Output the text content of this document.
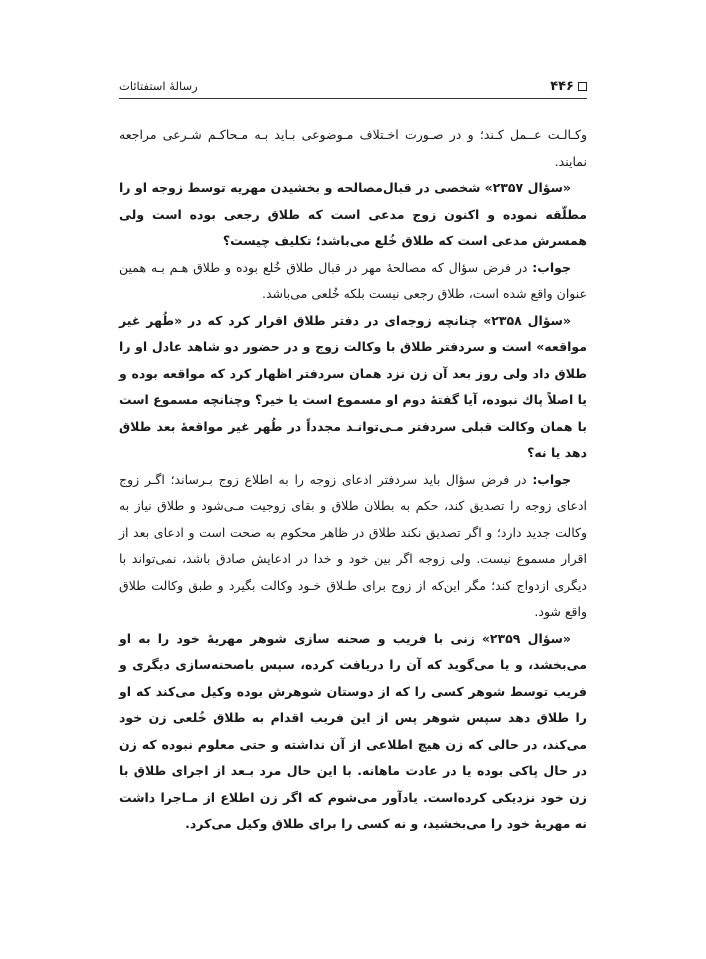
۴۴۶
رسالهٔ استفتائات

وکـالـت عــمل کـند؛ و در صـورت اخـتلاف مـوضوعی بـاید بـه مـحاکـم شـرعی مراجعه نمایند.

«سؤال ۲۳۵۷» شخصی در قبال‌مصالحه و بخشیدن مهریه توسط زوجه او را مطلّقه نموده و اکنون زوج مدعی است که طلاق رجعی بوده است ولی همسرش مدعی است که طلاق خُلع می‌باشد؛ تکلیف چیست؟

جواب: در فرض سؤال که مصالحهٔ مهر در قبال طلاق خُلع بوده و طلاق هـم بـه همین عنوان واقع شده است، طلاق رجعی نیست بلکه خُلعی می‌باشد.

«سؤال ۲۳۵۸» چنانچه زوجه‌ای در دفتر طلاق اقرار کرد که در «طُهر غیر مواقعه» است و سردفتر طلاق با وکالت زوج و در حضور دو شاهد عادل او را طلاق داد ولی روز بعد آن زن نزد همان سردفتر اظهار کرد که مواقعه بوده و یا اصلاً پاك نبوده، آیا گفتهٔ دوم او مسموع است یا خیر؟ وچنانچه مسموع است با همان وکالت قبلی سردفتر مـی‌توانـد مجدداً در طُهر غیر مواقعهٔ بعد طلاق دهد یا نه؟

جواب: در فرض سؤال باید سردفتر ادعای زوجه را به اطلاع زوج بـرساند؛ اگـر زوج ادعای زوجه را تصدیق کند، حکم به بطلان طلاق و بقای زوجیت مـی‌شود و طلاق نیاز به وکالت جدید دارد؛ و اگر تصدیق نکند طلاق در ظاهر محکوم به صحت است و ادعای بعد از اقرار مسموع نیست. ولی زوجه اگر بین خود و خدا در ادعایش صادق باشد، نمی‌تواند با دیگری ازدواج کند؛ مگر این‌که از زوج برای طـلاق خـود وکالت بگیرد و طبق وکالت طلاق واقع شود.

«سؤال ۲۳۵۹» زنی با فریب و صحنه سازی شوهر مهریهٔ خود را به او می‌بخشد، و یا می‌گوید که آن را دریافت کرده، سپس با‌صحنه‌سازی دیگری و فریب توسط شوهر کسی را که از دوستان شوهرش بوده وکیل می‌کند که او را طلاق دهد سپس شوهر پس از این فریب اقدام به طلاق خُلعی زن خود می‌کند، در حالی که زن هیچ اطلاعی از آن نداشته و حتی معلوم نبوده که زن در حال پاکی بوده یا در عادت ماهانه. با این حال مرد بـعد از اجرای طلاق با زن خود نزدیکی کرده‌است. یادآور می‌شوم که اگر زن اطلاع از مـاجرا داشت نه مهریهٔ خود را می‌بخشید، و نه کسی را برای طلاق وکیل می‌کرد.
